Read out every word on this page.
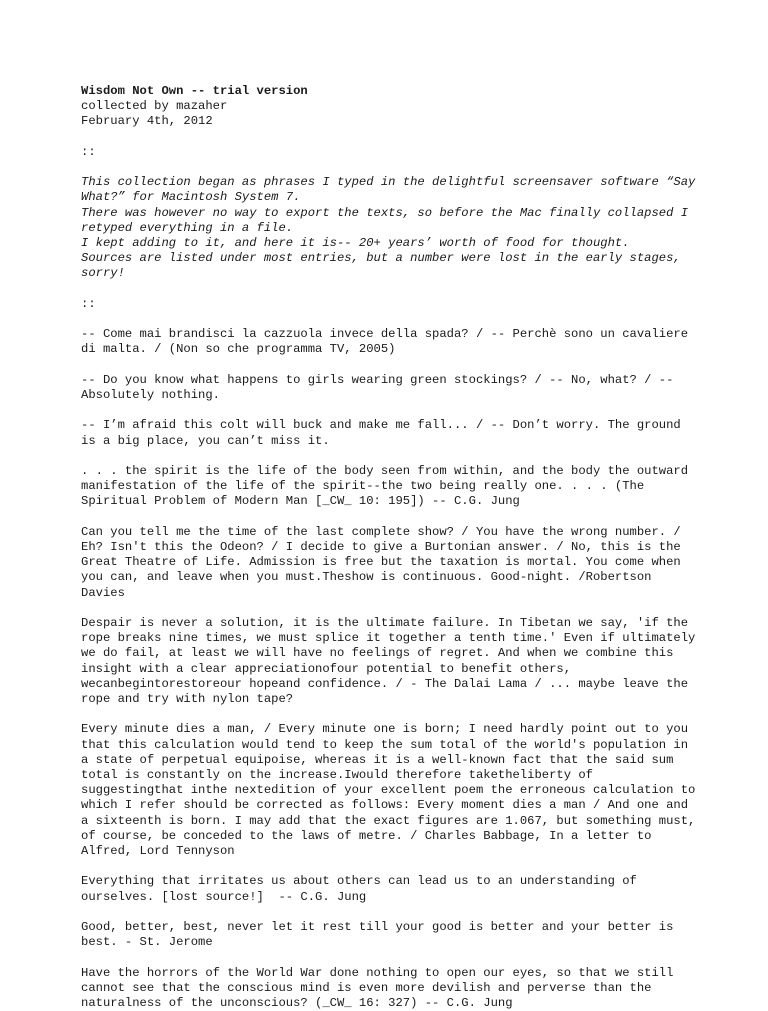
Wisdom Not Own -- trial version

collected by mazaher

February 4th, 2012

::

This collection began as phrases I typed in the delightful screensaver software “Say What?” for Macintosh System 7.

There was however no way to export the texts, so before the Mac finally collapsed I retyped everything in a file.

I kept adding to it, and here it is-- 20+ years’ worth of food for thought.

Sources are listed under most entries, but a number were lost in the early stages, sorry!

::

-- Come mai brandisci la cazzuola invece della spada? / -- Perchè sono un cavaliere di malta. / (Non so che programma TV, 2005)

-- Do you know what happens to girls wearing green stockings? / -- No, what? / -- Absolutely nothing.

-- I’m afraid this colt will buck and make me fall... / -- Don’t worry. The ground is a big place, you can’t miss it.

. . . the spirit is the life of the body seen from within, and the body the outward manifestation of the life of the spirit--the two being really one. . . . (The Spiritual Problem of Modern Man [_CW_ 10: 195]) -- C.G. Jung

Can you tell me the time of the last complete show? / You have the wrong number. / Eh? Isn't this the Odeon? / I decide to give a Burtonian answer. / No, this is the Great Theatre of Life. Admission is free but the taxation is mortal. You come when you can, and leave when you must.Theshow is continuous. Good-night. /Robertson Davies

Despair is never a solution, it is the ultimate failure. In Tibetan we say, 'if the rope breaks nine times, we must splice it together a tenth time.' Even if ultimately we do fail, at least we will have no feelings of regret. And when we combine this insight with a clear appreciationofour potential to benefit others, wecanbegintorestoreour hopeand confidence. / - The Dalai Lama / ... maybe leave the rope and try with nylon tape?

Every minute dies a man, / Every minute one is born; I need hardly point out to you that this calculation would tend to keep the sum total of the world's population in a state of perpetual equipoise, whereas it is a well-known fact that the said sum total is constantly on the increase.Iwould therefore taketheliberty of suggestingthat inthe nextedition of your excellent poem the erroneous calculation to which I refer should be corrected as follows: Every moment dies a man / And one and a sixteenth is born. I may add that the exact figures are 1.067, but something must, of course, be conceded to the laws of metre. / Charles Babbage, In a letter to Alfred, Lord Tennyson

Everything that irritates us about others can lead us to an understanding of ourselves. [lost source!]  -- C.G. Jung

Good, better, best, never let it rest till your good is better and your better is best. - St. Jerome

Have the horrors of the World War done nothing to open our eyes, so that we still cannot see that the conscious mind is even more devilish and perverse than the naturalness of the unconscious? (_CW_ 16: 327) -- C.G. Jung
